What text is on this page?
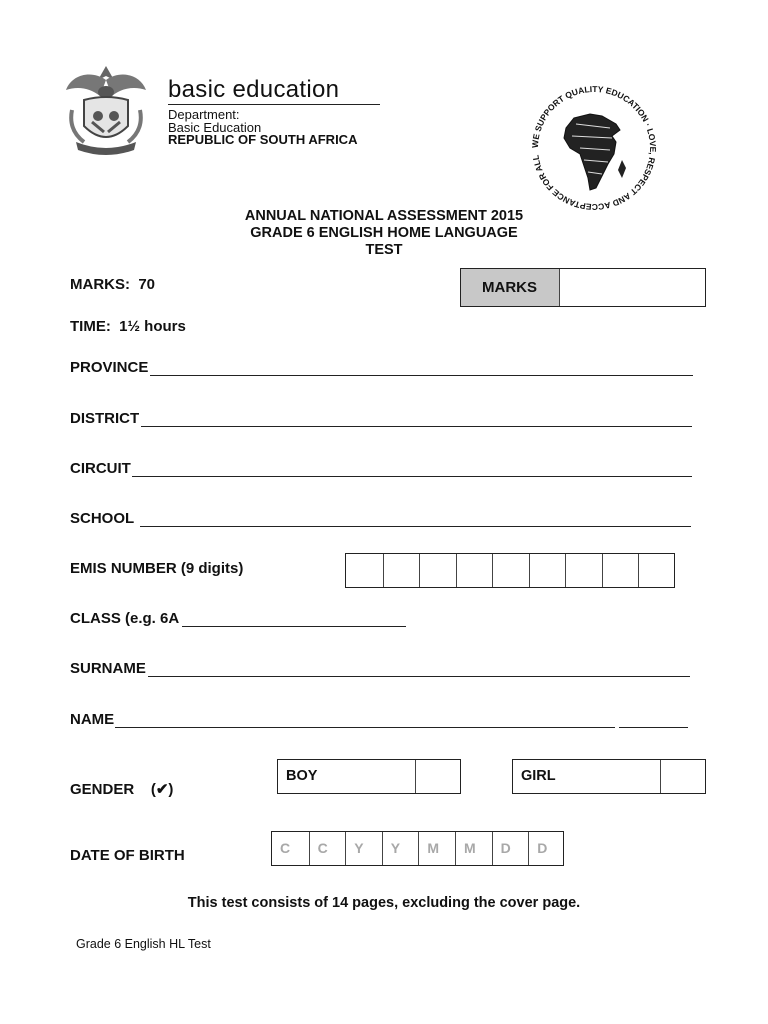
basic education
Department:
Basic Education
REPUBLIC OF SOUTH AFRICA	WE SUPPORT QUALITY EDUCATION · LOVE, RESPECT AND ACCEPTANCE FOR ALL
ANNUAL NATIONAL ASSESSMENT 2015
GRADE 6 ENGLISH HOME LANGUAGE
TEST
MARKS:  70	MARKS
TIME:  1½ hours
PROVINCE
DISTRICT
CIRCUIT
SCHOOL
EMIS NUMBER (9 digits)
CLASS (e.g. 6A
SURNAME
NAME
GENDER    (✔)
BOY	GIRL
DATE OF BIRTH	C	C	Y	Y	M	M	D	D
This test consists of 14 pages, excluding the cover page.
Grade 6 English HL Test
